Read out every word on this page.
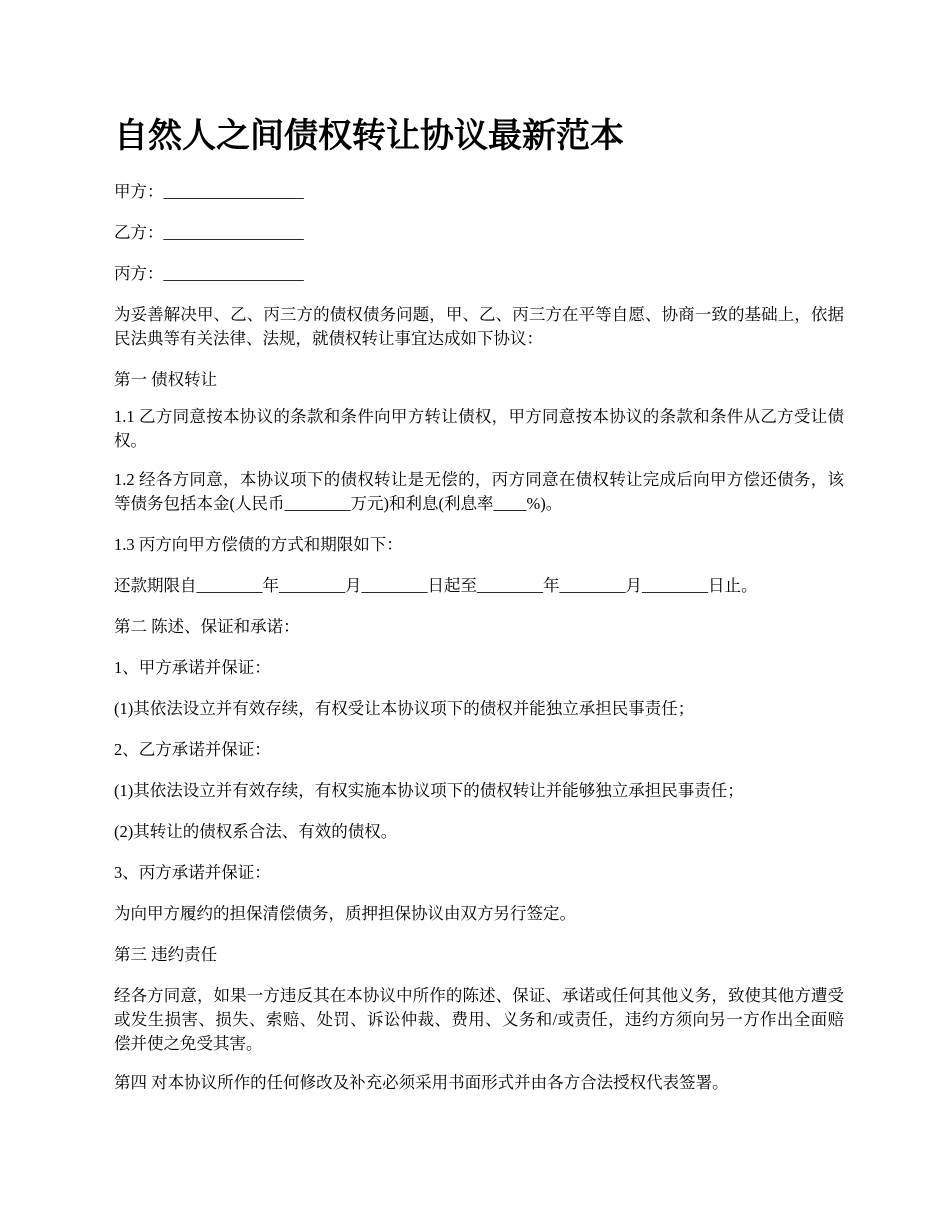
自然人之间债权转让协议最新范本

甲方：_________________

乙方：_________________

丙方：_________________

为妥善解决甲、乙、丙三方的债权债务问题，甲、乙、丙三方在平等自愿、协商一致的基础上，依据民法典等有关法律、法规，就债权转让事宜达成如下协议：

第一 债权转让

1.1 乙方同意按本协议的条款和条件向甲方转让债权，甲方同意按本协议的条款和条件从乙方受让债权。

1.2 经各方同意，本协议项下的债权转让是无偿的，丙方同意在债权转让完成后向甲方偿还债务，该等债务包括本金(人民币________万元)和利息(利息率____%)。

1.3 丙方向甲方偿债的方式和期限如下：

还款期限自________年________月________日起至________年________月________日止。

第二 陈述、保证和承诺：

1、甲方承诺并保证：

(1)其依法设立并有效存续，有权受让本协议项下的债权并能独立承担民事责任；

2、乙方承诺并保证：

(1)其依法设立并有效存续，有权实施本协议项下的债权转让并能够独立承担民事责任；

(2)其转让的债权系合法、有效的债权。

3、丙方承诺并保证：

为向甲方履约的担保清偿债务，质押担保协议由双方另行签定。

第三 违约责任

经各方同意，如果一方违反其在本协议中所作的陈述、保证、承诺或任何其他义务，致使其他方遭受或发生损害、损失、索赔、处罚、诉讼仲裁、费用、义务和/或责任，违约方须向另一方作出全面赔偿并使之免受其害。

第四 对本协议所作的任何修改及补充必须采用书面形式并由各方合法授权代表签署。
